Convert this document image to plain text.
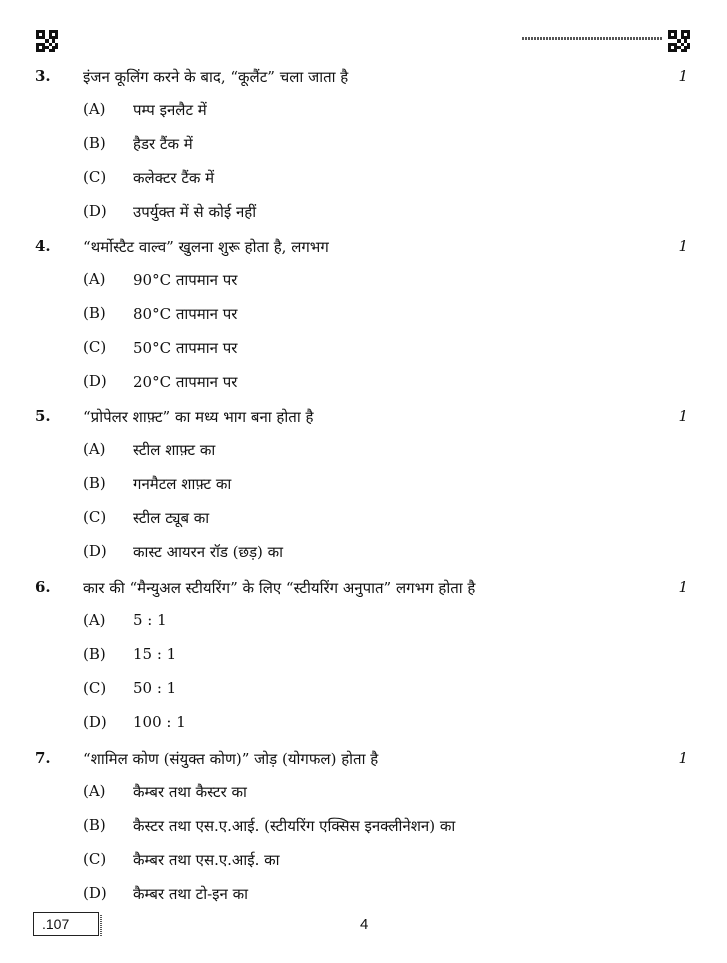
3. इंजन कूलिंग करने के बाद, “कूलैंट” चला जाता है	1
(A) पम्प इनलैट में
(B) हैडर टैंक में
(C) कलेक्टर टैंक में
(D) उपर्युक्त में से कोई नहीं
4. “थर्मोस्टैट वाल्व” खुलना शुरू होता है, लगभग	1
(A) 90°C तापमान पर
(B) 80°C तापमान पर
(C) 50°C तापमान पर
(D) 20°C तापमान पर
5. “प्रोपेलर शाफ़्ट” का मध्य भाग बना होता है	1
(A) स्टील शाफ़्ट का
(B) गनमैटल शाफ़्ट का
(C) स्टील ट्यूब का
(D) कास्ट आयरन रॉड (छड़) का
6. कार की “मैन्युअल स्टीयरिंग” के लिए “स्टीयरिंग अनुपात” लगभग होता है	1
(A) 5 : 1
(B) 15 : 1
(C) 50 : 1
(D) 100 : 1
7. “शामिल कोण (संयुक्त कोण)” जोड़ (योगफल) होता है	1
(A) कैम्बर तथा कैस्टर का
(B) कैस्टर तथा एस.ए.आई. (स्टीयरिंग एक्सिस इनक्लीनेशन) का
(C) कैम्बर तथा एस.ए.आई. का
(D) कैम्बर तथा टो-इन का
.107	4
